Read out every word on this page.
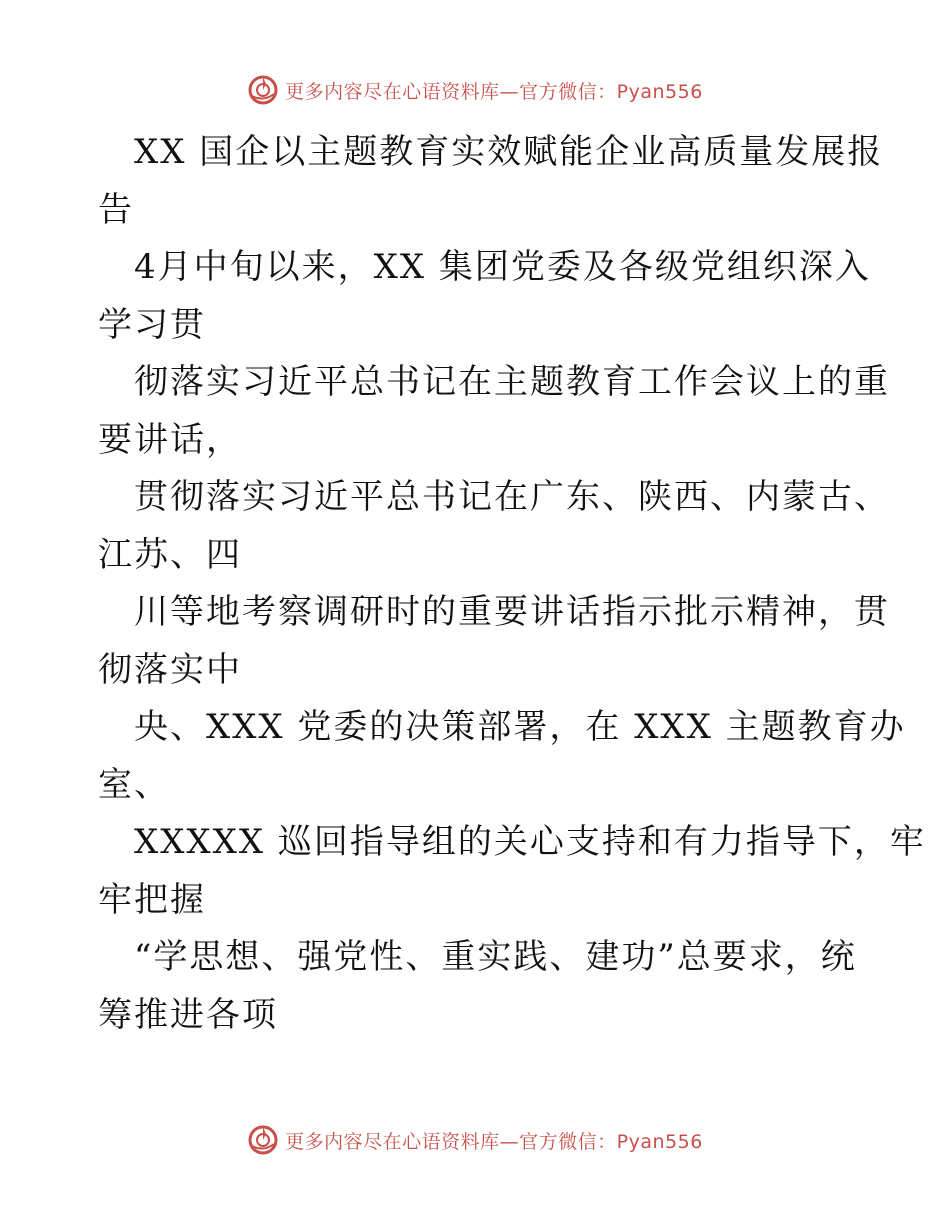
更多内容尽在心语资料库—官方微信：Pyan556
XX 国企以主题教育实效赋能企业高质量发展报
告
4月中旬以来，XX 集团党委及各级党组织深入
学习贯
彻落实习近平总书记在主题教育工作会议上的重
要讲话，
贯彻落实习近平总书记在广东、陕西、内蒙古、
江苏、四
川等地考察调研时的重要讲话指示批示精神，贯
彻落实中
央、XXX 党委的决策部署，在 XXX 主题教育办
室、
XXXXX 巡回指导组的关心支持和有力指导下，牢
牢把握
“学思想、强党性、重实践、建功”总要求，统
筹推进各项
更多内容尽在心语资料库—官方微信：Pyan556
